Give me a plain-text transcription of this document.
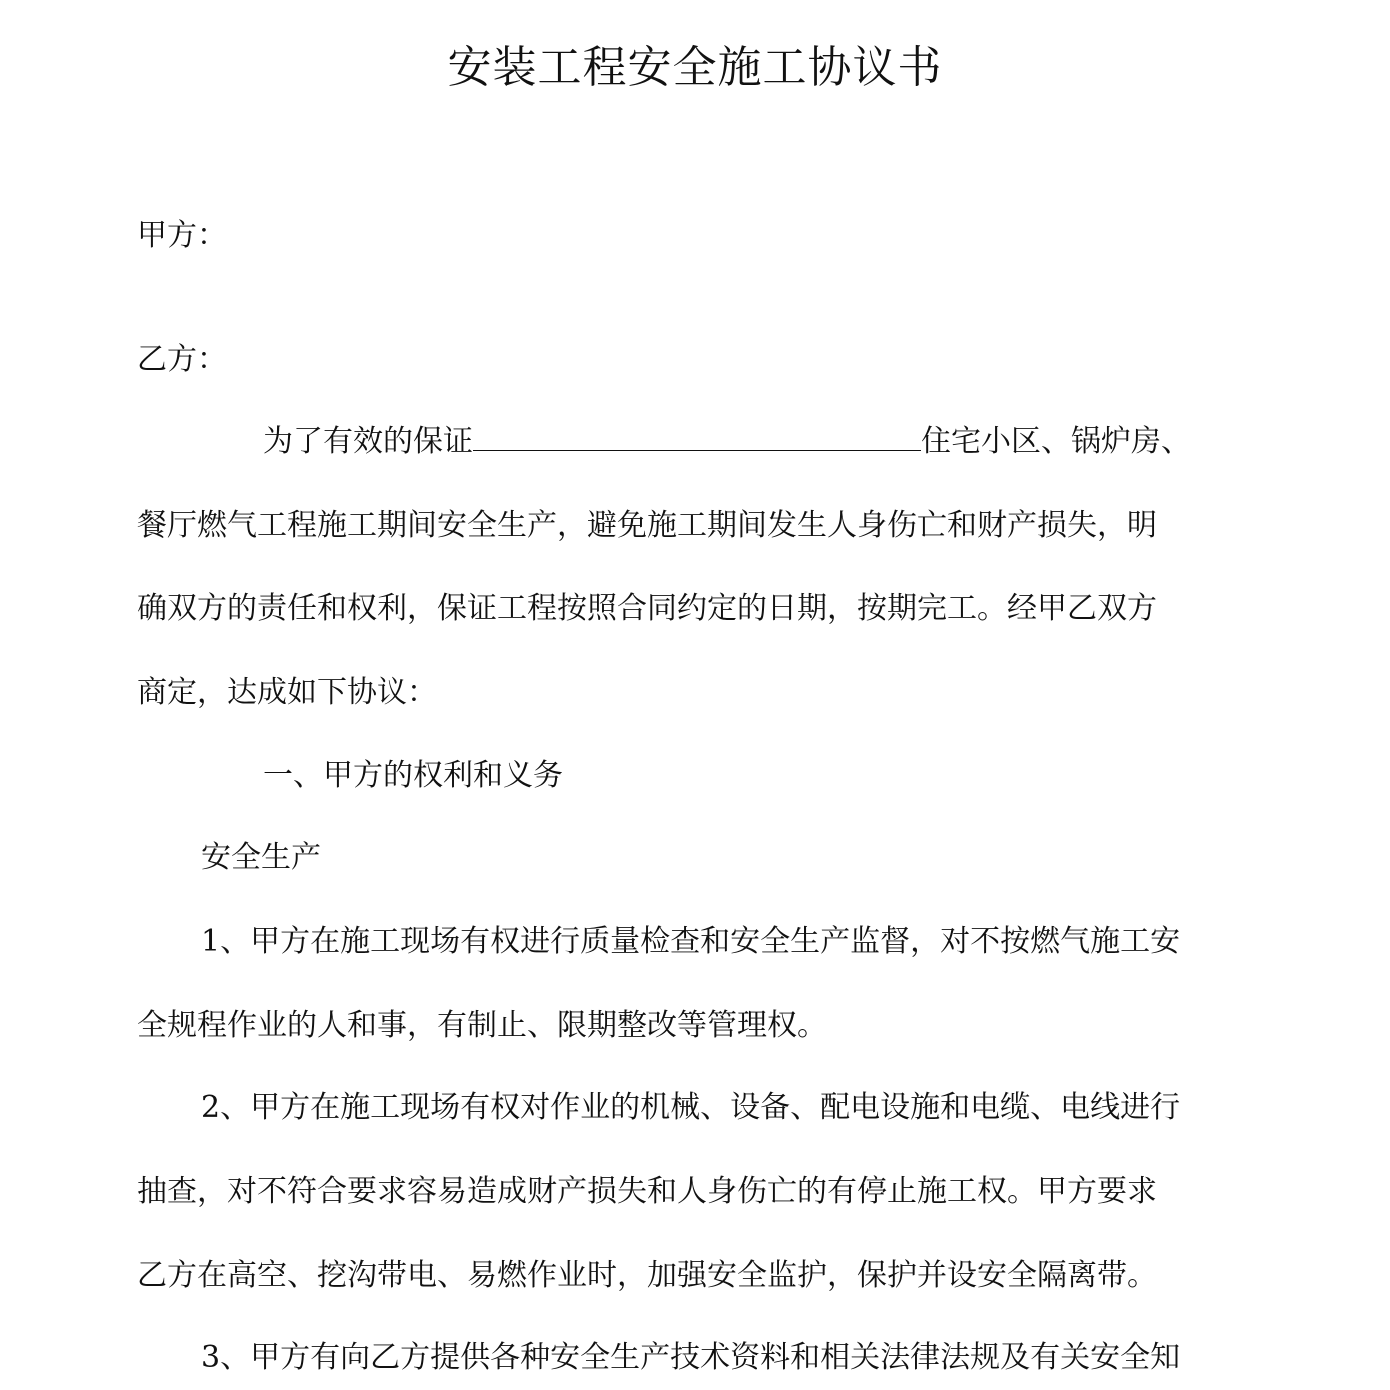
安装工程安全施工协议书
甲方：
乙方：
为了有效的保证	住宅小区、锅炉房、
餐厅燃气工程施工期间安全生产，避免施工期间发生人身伤亡和财产损失，明
确双方的责任和权利，保证工程按照合同约定的日期，按期完工。经甲乙双方
商定，达成如下协议：
一、甲方的权利和义务
安全生产
1、甲方在施工现场有权进行质量检查和安全生产监督，对不按燃气施工安
全规程作业的人和事，有制止、限期整改等管理权。
2、甲方在施工现场有权对作业的机械、设备、配电设施和电缆、电线进行
抽查，对不符合要求容易造成财产损失和人身伤亡的有停止施工权。甲方要求
乙方在高空、挖沟带电、易燃作业时，加强安全监护，保护并设安全隔离带。
3、甲方有向乙方提供各种安全生产技术资料和相关法律法规及有关安全知
